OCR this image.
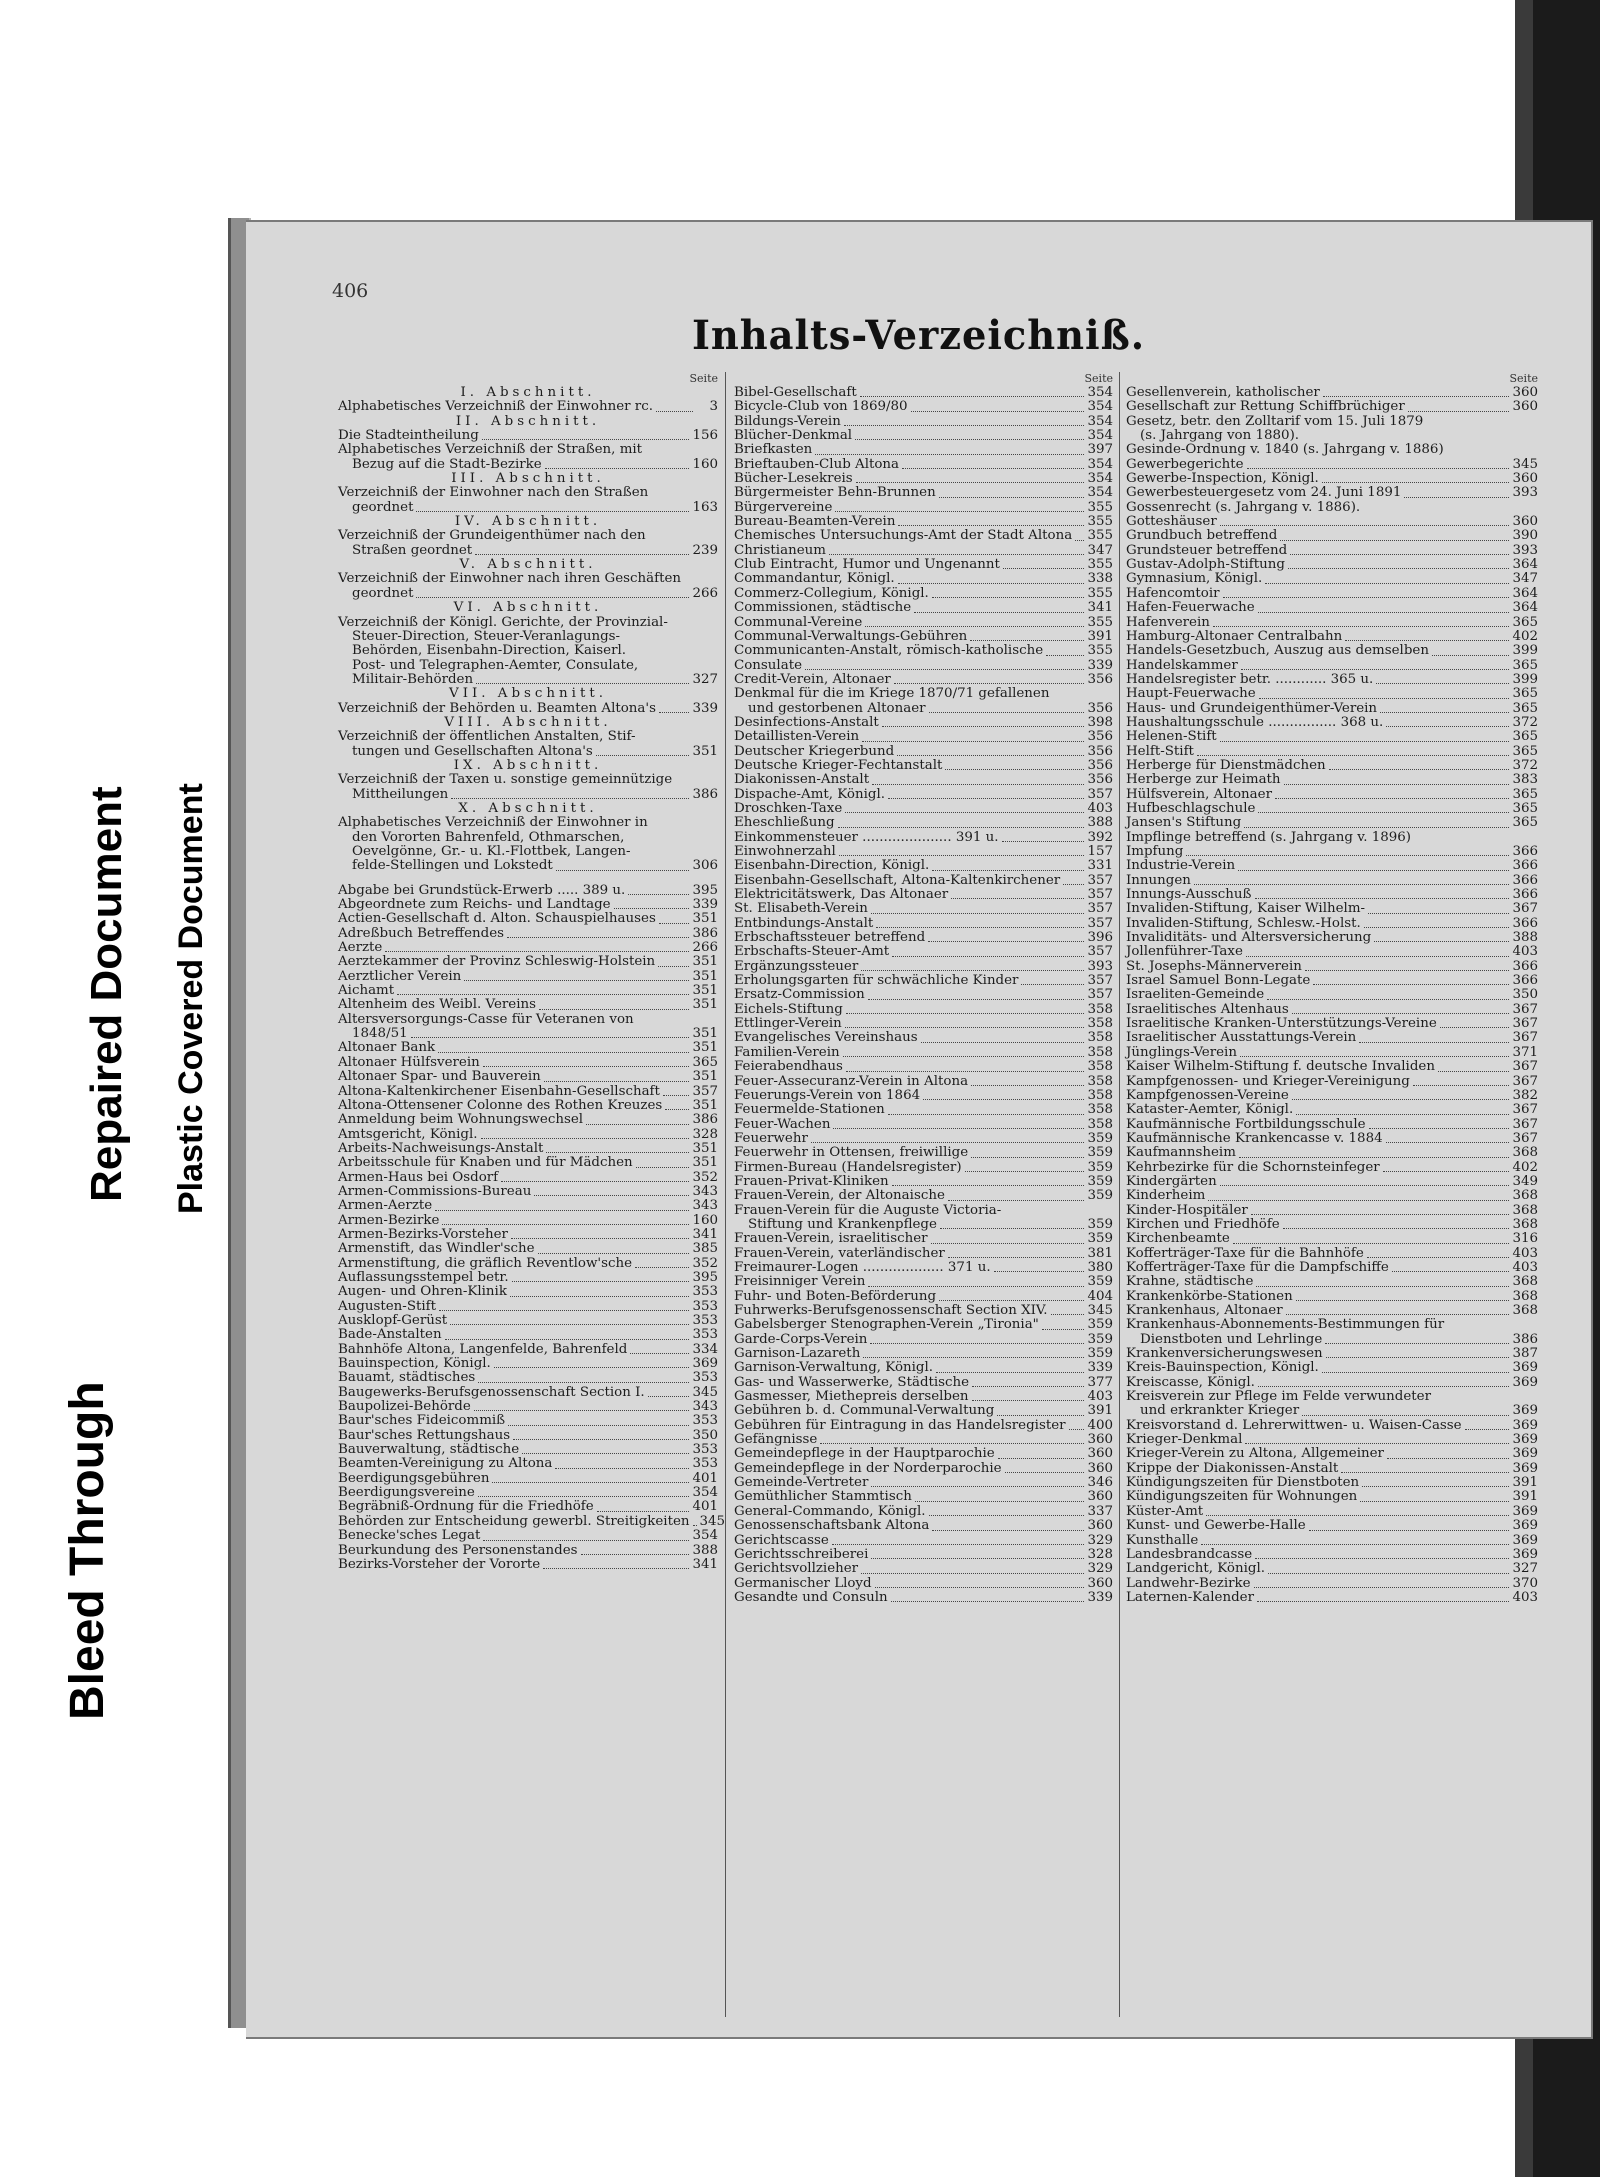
Bleed Through
Repaired Document Plastic Covered Document
406
Inhalts-Verzeichniß.
Seite
I. Abschnitt.
Alphabetisches Verzeichniß der Einwohner rc.	3
II. Abschnitt.
Die Stadteintheilung	156
Alphabetisches Verzeichniß der Straßen, mit
Bezug auf die Stadt-Bezirke	160
III. Abschnitt.
Verzeichniß der Einwohner nach den Straßen
geordnet	163
IV. Abschnitt.
Verzeichniß der Grundeigenthümer nach den
Straßen geordnet	239
V. Abschnitt.
Verzeichniß der Einwohner nach ihren Geschäften
geordnet	266
VI. Abschnitt.
Verzeichniß der Königl. Gerichte, der Provinzial-
Steuer-Direction, Steuer-Veranlagungs-
Behörden, Eisenbahn-Direction, Kaiserl.
Post- und Telegraphen-Aemter, Consulate,
Militair-Behörden	327
VII. Abschnitt.
Verzeichniß der Behörden u. Beamten Altona's	339
VIII. Abschnitt.
Verzeichniß der öffentlichen Anstalten, Stif-
tungen und Gesellschaften Altona's	351
IX. Abschnitt.
Verzeichniß der Taxen u. sonstige gemeinnützige
Mittheilungen	386
X. Abschnitt.
Alphabetisches Verzeichniß der Einwohner in
den Vororten Bahrenfeld, Othmarschen,
Oevelgönne, Gr.- u. Kl.-Flottbek, Langen-
felde-Stellingen und Lokstedt	306
Abgabe bei Grundstück-Erwerb ..... 389 u.	395
Abgeordnete zum Reichs- und Landtage	339
Actien-Gesellschaft d. Alton. Schauspielhauses	351
Adreßbuch Betreffendes	386
Aerzte	266
Aerztekammer der Provinz Schleswig-Holstein	351
Aerztlicher Verein	351
Aichamt	351
Altenheim des Weibl. Vereins	351
Altersversorgungs-Casse für Veteranen von
1848/51	351
Altonaer Bank	351
Altonaer Hülfsverein	365
Altonaer Spar- und Bauverein	351
Altona-Kaltenkirchener Eisenbahn-Gesellschaft 357
Altona-Ottensener Colonne des Rothen Kreuzes 351
Anmeldung beim Wohnungswechsel	386
Amtsgericht, Königl.	328
Arbeits-Nachweisungs-Anstalt	351
Arbeitsschule für Knaben und für Mädchen	351
Armen-Haus bei Osdorf	352
Armen-Commissions-Bureau	343
Armen-Aerzte	343
Armen-Bezirke	160
Armen-Bezirks-Vorsteher	341
Armenstift, das Windler'sche	385
Armenstiftung, die gräflich Reventlow'sche	352
Auflassungsstempel betr.	395
Augen- und Ohren-Klinik	353
Augusten-Stift	353
Ausklopf-Gerüst	353
Bade-Anstalten	353
Bahnhöfe Altona, Langenfelde, Bahrenfeld	334
Bauinspection, Königl.	369
Bauamt, städtisches	353
Baugewerks-Berufsgenossenschaft Section I.	345
Baupolizei-Behörde	343
Baur'sches Fideicommiß	353
Baur'sches Rettungshaus	350
Bauverwaltung, städtische	353
Beamten-Vereinigung zu Altona	353
Beerdigungsgebühren	401
Beerdigungsvereine	354
Begräbniß-Ordnung für die Friedhöfe	401
Behörden zur Entscheidung gewerbl. Streitigkeiten 345
Benecke'sches Legat	354
Beurkundung des Personenstandes	388
Bezirks-Vorsteher der Vororte	341
Seite
Bibel-Gesellschaft	354
Bicycle-Club von 1869/80	354
Bildungs-Verein	354
Blücher-Denkmal	354
Briefkasten	397
Brieftauben-Club Altona	354
Bücher-Lesekreis	354
Bürgermeister Behn-Brunnen	354
Bürgervereine	355
Bureau-Beamten-Verein	355
Chemisches Untersuchungs-Amt der Stadt Altona 355
Christianeum	347
Club Eintracht, Humor und Ungenannt	355
Commandantur, Königl.	338
Commerz-Collegium, Königl.	355
Commissionen, städtische	341
Communal-Vereine	355
Communal-Verwaltungs-Gebühren	391
Communicanten-Anstalt, römisch-katholische	355
Consulate	339
Credit-Verein, Altonaer	356
Denkmal für die im Kriege 1870/71 gefallenen
und gestorbenen Altonaer	356
Desinfections-Anstalt	398
Detaillisten-Verein	356
Deutscher Kriegerbund	356
Deutsche Krieger-Fechtanstalt	356
Diakonissen-Anstalt	356
Dispache-Amt, Königl.	357
Droschken-Taxe	403
Eheschließung	388
Einkommensteuer ..................... 391 u.	392
Einwohnerzahl	157
Eisenbahn-Direction, Königl.	331
Eisenbahn-Gesellschaft, Altona-Kaltenkirchener 357
Elektricitätswerk, Das Altonaer	357
St. Elisabeth-Verein	357
Entbindungs-Anstalt	357
Erbschaftssteuer betreffend	396
Erbschafts-Steuer-Amt	357
Ergänzungssteuer	393
Erholungsgarten für schwächliche Kinder	357
Ersatz-Commission	357
Eichels-Stiftung	358
Ettlinger-Verein	358
Evangelisches Vereinshaus	358
Familien-Verein	358
Feierabendhaus	358
Feuer-Assecuranz-Verein in Altona	358
Feuerungs-Verein von 1864	358
Feuermelde-Stationen	358
Feuer-Wachen	358
Feuerwehr	359
Feuerwehr in Ottensen, freiwillige	359
Firmen-Bureau (Handelsregister)	359
Frauen-Privat-Kliniken	359
Frauen-Verein, der Altonaische	359
Frauen-Verein für die Auguste Victoria-
Stiftung und Krankenpflege	359
Frauen-Verein, israelitischer	359
Frauen-Verein, vaterländischer	381
Freimaurer-Logen ................... 371 u.	380
Freisinniger Verein	359
Fuhr- und Boten-Beförderung	404
Fuhrwerks-Berufsgenossenschaft Section XIV.	345
Gabelsberger Stenographen-Verein „Tironia"	359
Garde-Corps-Verein	359
Garnison-Lazareth	359
Garnison-Verwaltung, Königl.	339
Gas- und Wasserwerke, Städtische	377
Gasmesser, Miethepreis derselben	403
Gebühren b. d. Communal-Verwaltung	391
Gebühren für Eintragung in das Handelsregister 400
Gefängnisse	360
Gemeindepflege in der Hauptparochie	360
Gemeindepflege in der Norderparochie	360
Gemeinde-Vertreter	346
Gemüthlicher Stammtisch	360
General-Commando, Königl.	337
Genossenschaftsbank Altona	360
Gerichtscasse	329
Gerichtsschreiberei	328
Gerichtsvollzieher	329
Germanischer Lloyd	360
Gesandte und Consuln	339
Seite
Gesellenverein, katholischer	360
Gesellschaft zur Rettung Schiffbrüchiger	360
Gesetz, betr. den Zolltarif vom 15. Juli 1879
(s. Jahrgang von 1880).
Gesinde-Ordnung v. 1840 (s. Jahrgang v. 1886)
Gewerbegerichte	345
Gewerbe-Inspection, Königl.	360
Gewerbesteuergesetz vom 24. Juni 1891	393
Gossenrecht (s. Jahrgang v. 1886).
Gotteshäuser	360
Grundbuch betreffend	390
Grundsteuer betreffend	393
Gustav-Adolph-Stiftung	364
Gymnasium, Königl.	347
Hafencomtoir	364
Hafen-Feuerwache	364
Hafenverein	365
Hamburg-Altonaer Centralbahn	402
Handels-Gesetzbuch, Auszug aus demselben	399
Handelskammer	365
Handelsregister betr. ............ 365 u.	399
Haupt-Feuerwache	365
Haus- und Grundeigenthümer-Verein	365
Haushaltungsschule ................ 368 u.	372
Helenen-Stift	365
Helft-Stift	365
Herberge für Dienstmädchen	372
Herberge zur Heimath	383
Hülfsverein, Altonaer	365
Hufbeschlagschule	365
Jansen's Stiftung	365
Impflinge betreffend (s. Jahrgang v. 1896)
Impfung	366
Industrie-Verein	366
Innungen	366
Innungs-Ausschuß	366
Invaliden-Stiftung, Kaiser Wilhelm-	367
Invaliden-Stiftung, Schlesw.-Holst.	366
Invaliditäts- und Altersversicherung	388
Jollenführer-Taxe	403
St. Josephs-Männerverein	366
Israel Samuel Bonn-Legate	366
Israeliten-Gemeinde	350
Israelitisches Altenhaus	367
Israelitische Kranken-Unterstützungs-Vereine	367
Israelitischer Ausstattungs-Verein	367
Jünglings-Verein	371
Kaiser Wilhelm-Stiftung f. deutsche Invaliden	367
Kampfgenossen- und Krieger-Vereinigung	367
Kampfgenossen-Vereine	382
Kataster-Aemter, Königl.	367
Kaufmännische Fortbildungsschule	367
Kaufmännische Krankencasse v. 1884	367
Kaufmannsheim	368
Kehrbezirke für die Schornsteinfeger	402
Kindergärten	349
Kinderheim	368
Kinder-Hospitäler	368
Kirchen und Friedhöfe	368
Kirchenbeamte	316
Kofferträger-Taxe für die Bahnhöfe	403
Kofferträger-Taxe für die Dampfschiffe	403
Krahne, städtische	368
Krankenkörbe-Stationen	368
Krankenhaus, Altonaer	368
Krankenhaus-Abonnements-Bestimmungen für
Dienstboten und Lehrlinge	386
Krankenversicherungswesen	387
Kreis-Bauinspection, Königl.	369
Kreiscasse, Königl.	369
Kreisverein zur Pflege im Felde verwundeter
und erkrankter Krieger	369
Kreisvorstand d. Lehrerwittwen- u. Waisen-Casse	369
Krieger-Denkmal	369
Krieger-Verein zu Altona, Allgemeiner	369
Krippe der Diakonissen-Anstalt	369
Kündigungszeiten für Dienstboten	391
Kündigungszeiten für Wohnungen	391
Küster-Amt	369
Kunst- und Gewerbe-Halle	369
Kunsthalle	369
Landesbrandcasse	369
Landgericht, Königl.	327
Landwehr-Bezirke	370
Laternen-Kalender	403
